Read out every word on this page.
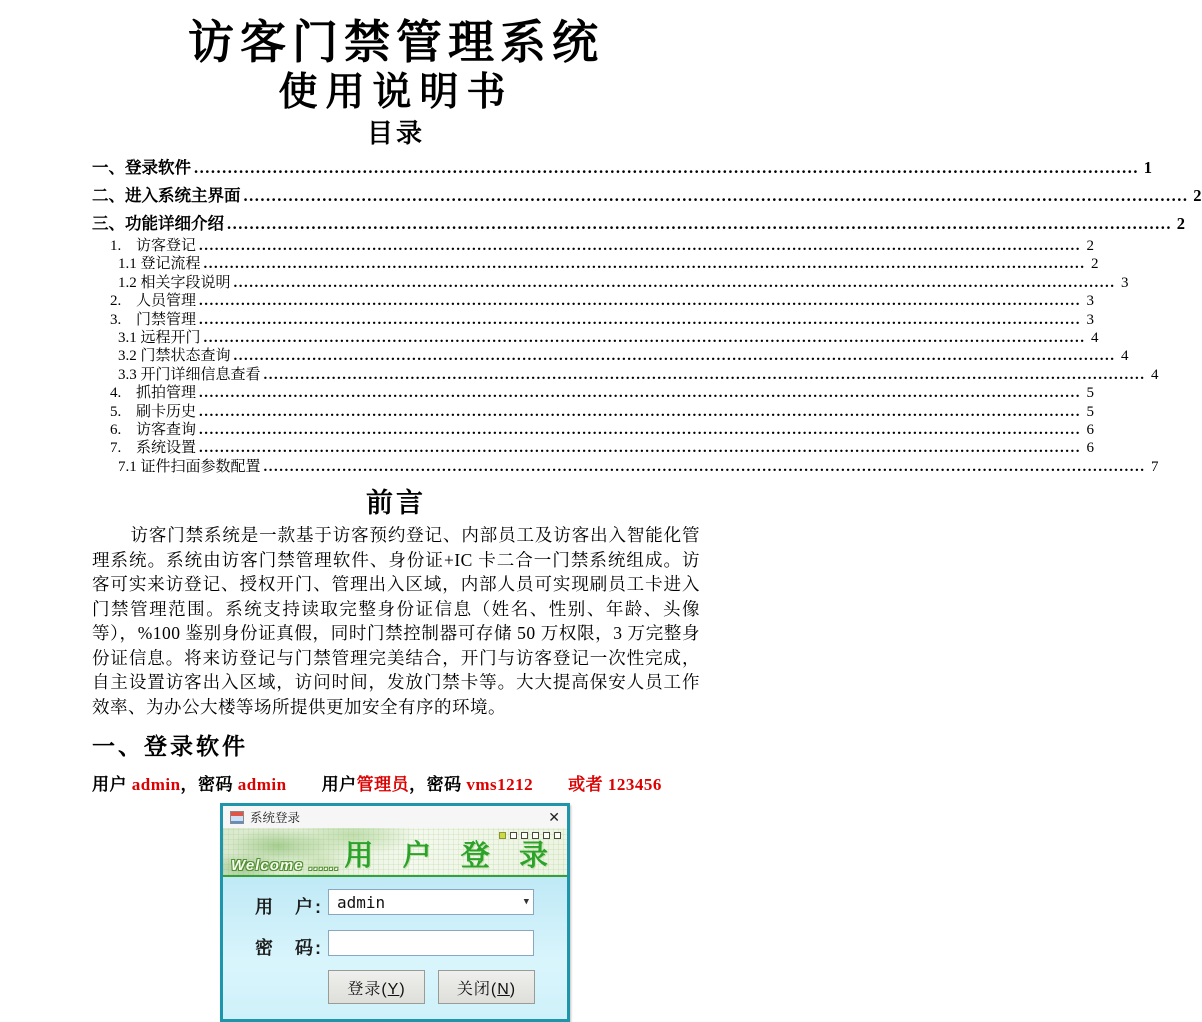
访客门禁管理系统
使用说明书
目录
一、登录软件 .....	1
二、进入系统主界面 .....	2
三、功能详细介绍 .....	2
1. 访客登记 .....	2
1.1 登记流程 .....	2
1.2 相关字段说明 .....	3
2. 人员管理 .....	3
3. 门禁管理 .....	3
3.1 远程开门 .....	4
3.2 门禁状态查询 .....	4
3.3 开门详细信息查看 .....	4
4. 抓拍管理 .....	5
5. 刷卡历史 .....	5
6. 访客查询 .....	6
7. 系统设置 .....	6
7.1 证件扫面参数配置 .....	7
前言

访客门禁系统是一款基于访客预约登记、内部员工及访客出入智能化管理系统。系统由访客门禁管理软件、身份证+IC 卡二合一门禁系统组成。访客可实来访登记、授权开门、管理出入区域，内部人员可实现刷员工卡进入门禁管理范围。系统支持读取完整身份证信息（姓名、性别、年龄、头像等），%100 鉴别身份证真假，同时门禁控制器可存储 50 万权限，3 万完整身份证信息。将来访登记与门禁管理完美结合，开门与访客登记一次性完成，自主设置访客出入区域，访问时间，发放门禁卡等。大大提高保安人员工作效率、为办公大楼等场所提供更加安全有序的环境。

一、登录软件
用户 admin，密码 admin　　用户管理员，密码 vms1212　　或者 123456
系统登录	✕
Welcome ...... 用 户 登 录
用　户: admin	▼
密　码:
登录(Y)	关闭(N)
